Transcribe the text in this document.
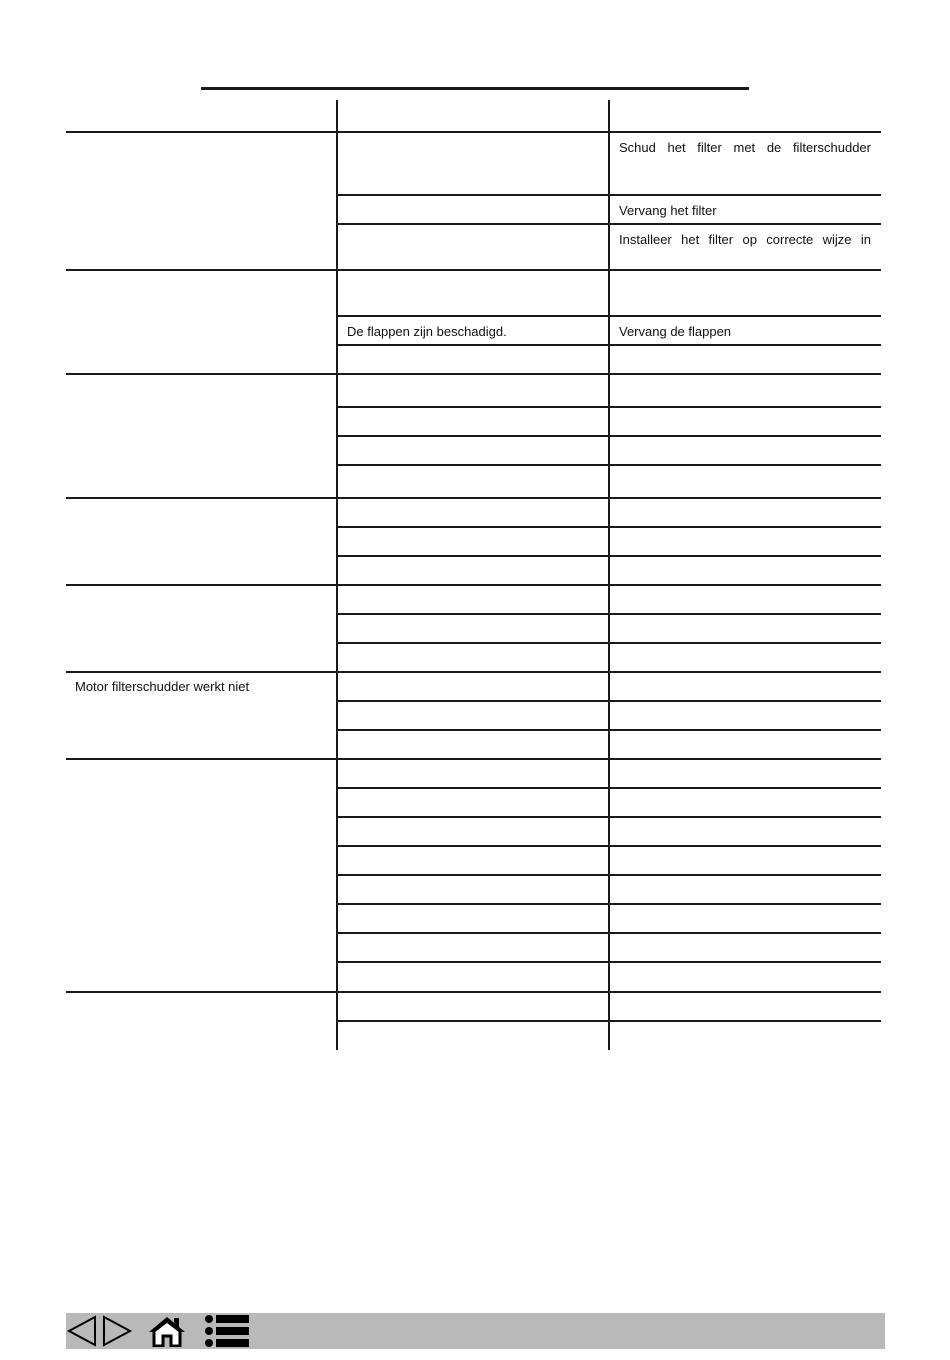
Schud het filter met de filterschudder
Vervang het filter
Installeer het filter op correcte wijze in
De flappen zijn beschadigd.	Vervang de flappen
Motor filterschudder werkt niet
